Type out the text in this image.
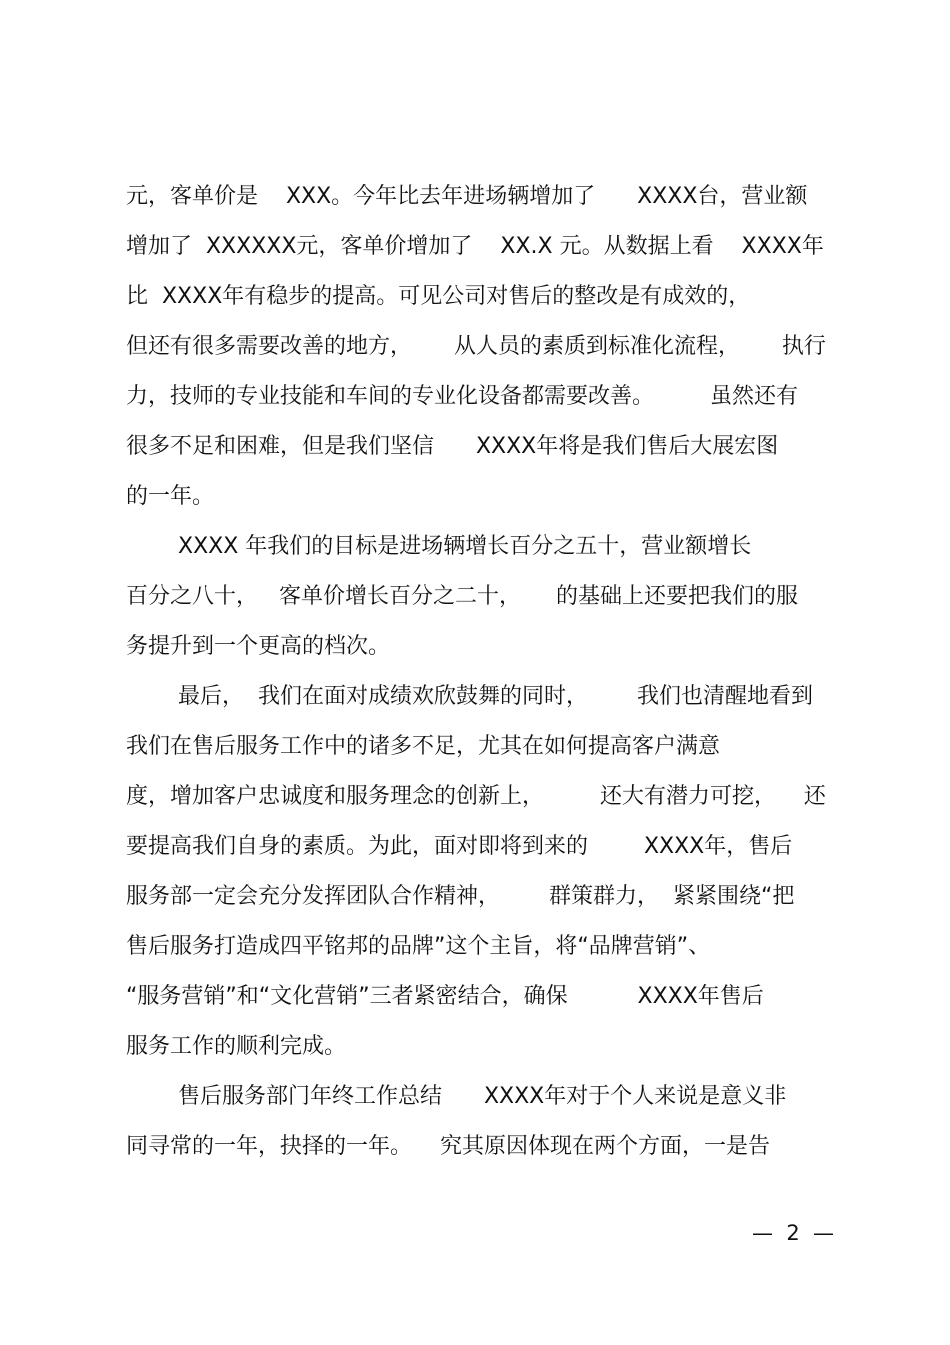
元，客单价是    XXX。今年比去年进场辆增加了      XXXX台，营业额
增加了  XXXXXX元，客单价增加了    XX.X 元。从数据上看    XXXX年
比  XXXX年有稳步的提高。可见公司对售后的整改是有成效的，
但还有很多需要改善的地方，      从人员的素质到标准化流程，      执行
力，技师的专业技能和车间的专业化设备都需要改善。        虽然还有
很多不足和困难，但是我们坚信      XXXX年将是我们售后大展宏图
的一年。
XXXX 年我们的目标是进场辆增长百分之五十，营业额增长
百分之八十，   客单价增长百分之二十，     的基础上还要把我们的服
务提升到一个更高的档次。
最后，  我们在面对成绩欢欣鼓舞的同时，       我们也清醒地看到
我们在售后服务工作中的诸多不足，尤其在如何提高客户满意
度，增加客户忠诚度和服务理念的创新上，        还大有潜力可挖，    还
要提高我们自身的素质。为此，面对即将到来的        XXXX年，售后
服务部一定会充分发挥团队合作精神，       群策群力，  紧紧围绕“把
售后服务打造成四平铭邦的品牌”这个主旨，将“品牌营销”、
“服务营销”和“文化营销”三者紧密结合，确保          XXXX年售后
服务工作的顺利完成。
售后服务部门年终工作总结      XXXX年对于个人来说是意义非
同寻常的一年，抉择的一年。    究其原因体现在两个方面，一是告
—  2  —
